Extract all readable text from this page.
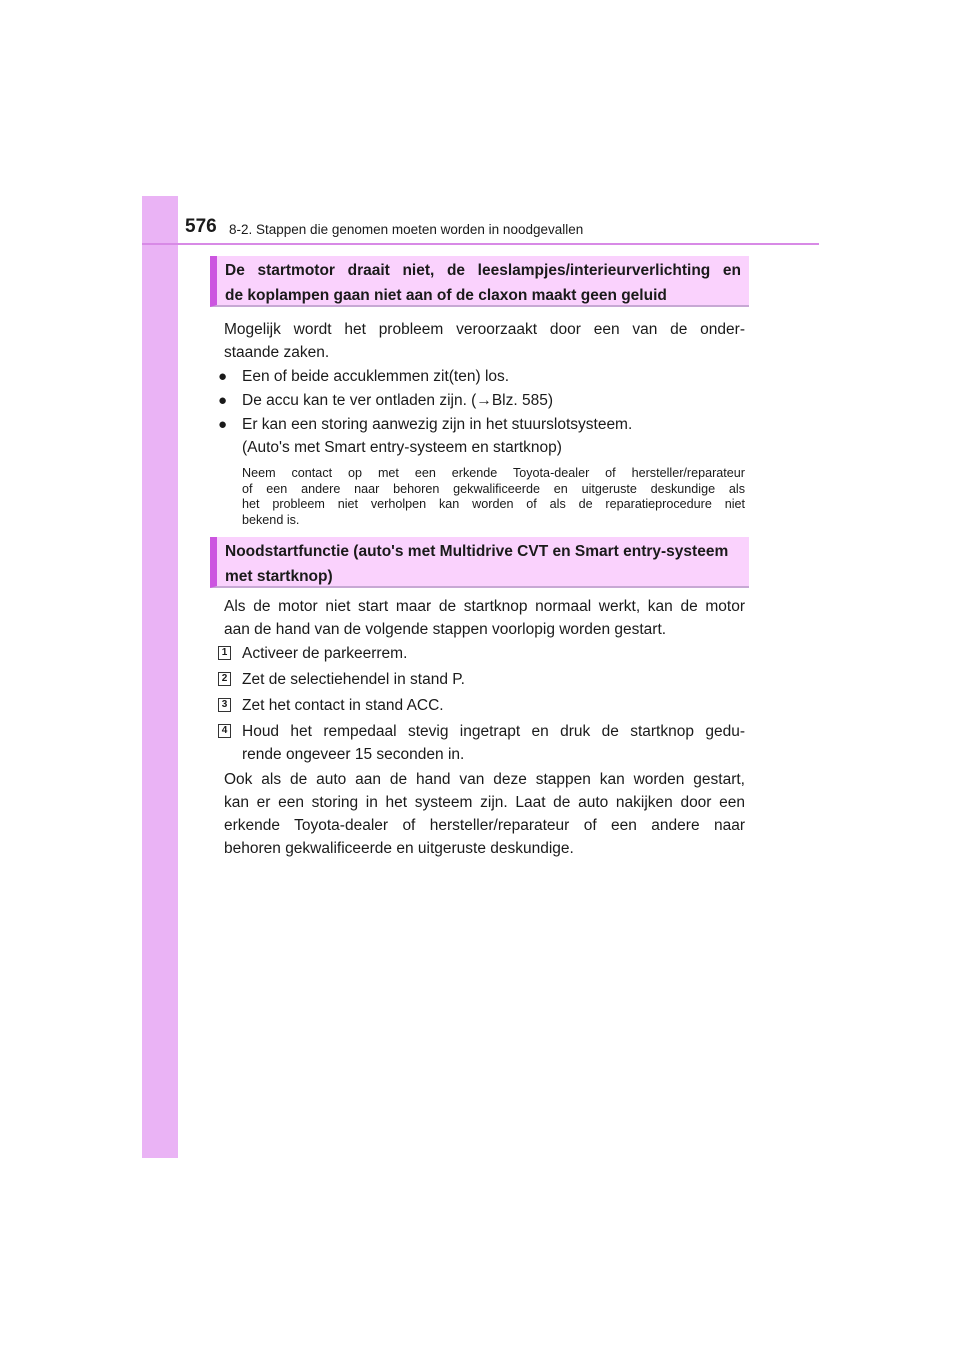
576 8-2. Stappen die genomen moeten worden in noodgevallen
De startmotor draait niet, de leeslampjes/interieurverlichting en
de koplampen gaan niet aan of de claxon maakt geen geluid
Mogelijk wordt het probleem veroorzaakt door een van de onder-
staande zaken.
● Een of beide accuklemmen zit(ten) los.
● De accu kan te ver ontladen zijn. (→Blz. 585)
● Er kan een storing aanwezig zijn in het stuurslotsysteem.
(Auto's met Smart entry-systeem en startknop)
Neem contact op met een erkende Toyota-dealer of hersteller/reparateur
of een andere naar behoren gekwalificeerde en uitgeruste deskundige als
het probleem niet verholpen kan worden of als de reparatieprocedure niet
bekend is.
Noodstartfunctie (auto's met Multidrive CVT en Smart entry-systeem
met startknop)
Als de motor niet start maar de startknop normaal werkt, kan de motor
aan de hand van de volgende stappen voorlopig worden gestart.
1 Activeer de parkeerrem.
2 Zet de selectiehendel in stand P.
3 Zet het contact in stand ACC.
4 Houd het rempedaal stevig ingetrapt en druk de startknop gedu-
rende ongeveer 15 seconden in.
Ook als de auto aan de hand van deze stappen kan worden gestart,
kan er een storing in het systeem zijn. Laat de auto nakijken door een
erkende Toyota-dealer of hersteller/reparateur of een andere naar
behoren gekwalificeerde en uitgeruste deskundige.
